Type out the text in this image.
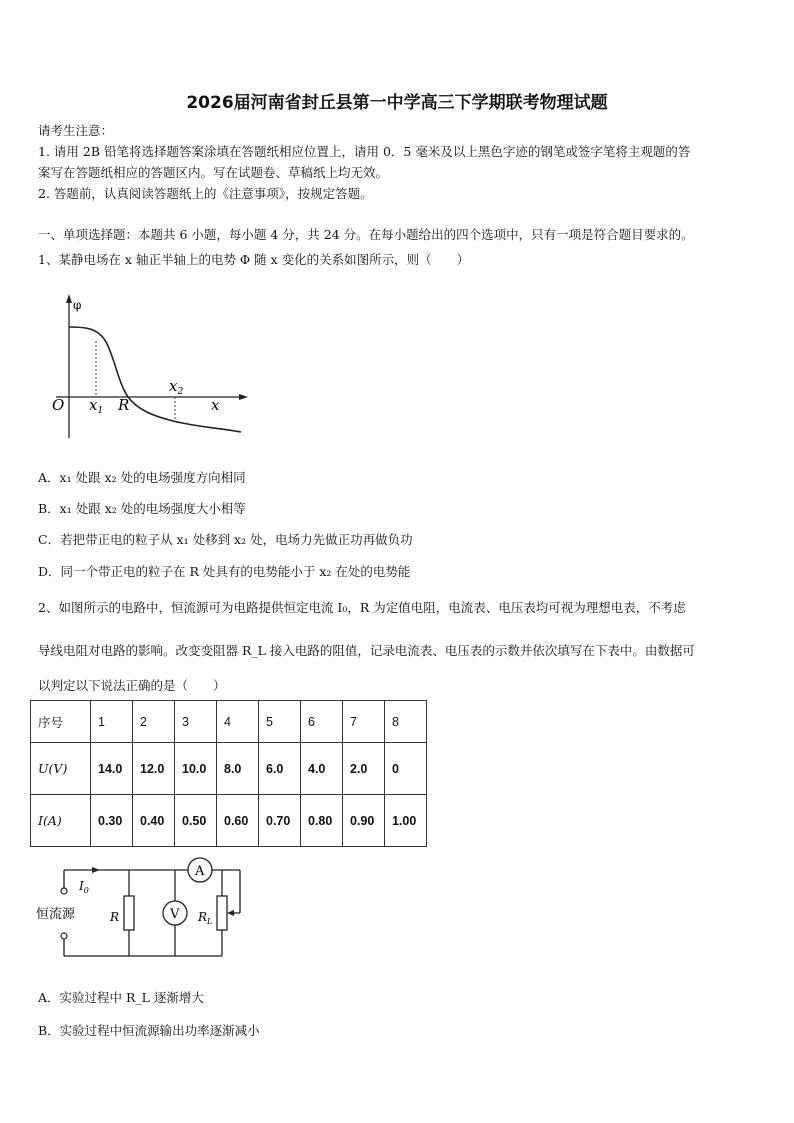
2026届河南省封丘县第一中学高三下学期联考物理试题
请考生注意：
1. 请用 2B 铅笔将选择题答案涂填在答题纸相应位置上，请用 0．5 毫米及以上黑色字迹的钢笔或签字笔将主观题的答
案写在答题纸相应的答题区内。写在试题卷、草稿纸上均无效。
2. 答题前，认真阅读答题纸上的《注意事项》，按规定答题。
一、单项选择题：本题共 6 小题，每小题 4 分，共 24 分。在每小题给出的四个选项中，只有一项是符合题目要求的。
1、某静电场在 x 轴正半轴上的电势 Φ 随 x 变化的关系如图所示，则（　　）
φ
O $x_1$ R
$x_2$
x
A．x₁ 处跟 x₂ 处的电场强度方向相同
B．x₁ 处跟 x₂ 处的电场强度大小相等
C．若把带正电的粒子从 x₁ 处移到 x₂ 处，电场力先做正功再做负功
D．同一个带正电的粒子在 R 处具有的电势能小于 x₂ 在处的电势能
2、如图所示的电路中，恒流源可为电路提供恒定电流 I₀，R 为定值电阻，电流表、电压表均可视为理想电表，不考虑
导线电阻对电路的影响。改变变阻器 R_L 接入电路的阻值，记录电流表、电压表的示数并依次填写在下表中。由数据可
以判定以下说法正确的是（　　）
序号	1	2	3	4	5	6	7	8
U(V)	14.0	12.0	10.0	8.0	6.0	4.0	2.0	0
I(A)	0.30	0.40	0.50	0.60	0.70	0.80	0.90	1.00
A
V
$I_0$
R	$R_L$
恒流源
A．实验过程中 R_L 逐渐增大
B．实验过程中恒流源输出功率逐渐减小
